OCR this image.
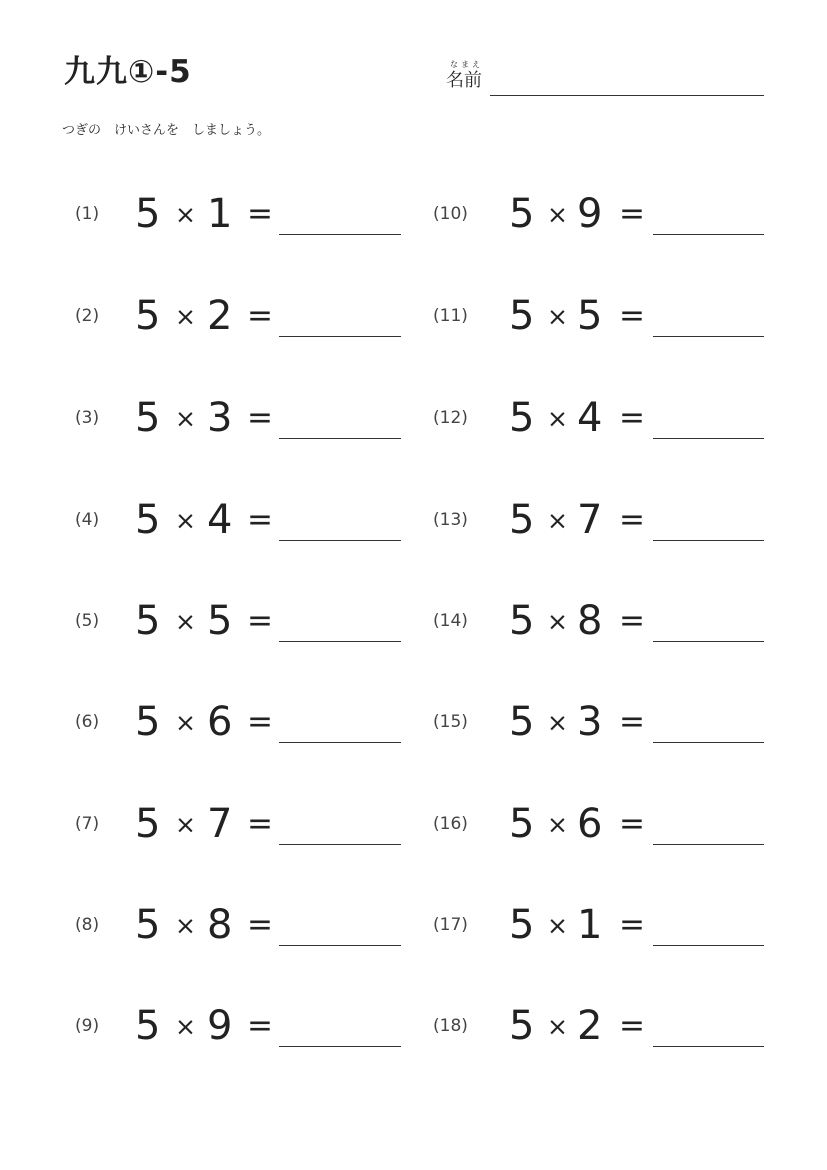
九九①-5	なまえ
名前
つぎの　けいさんを　しましょう。
(1) 5 × 1 =
(2) 5 × 2 =
(3) 5 × 3 =
(4) 5 × 4 =
(5) 5 × 5 =
(6) 5 × 6 =
(7) 5 × 7 =
(8) 5 × 8 =
(9) 5 × 9 =
(10) 5 × 9 =
(11) 5 × 5 =
(12) 5 × 4 =
(13) 5 × 7 =
(14) 5 × 8 =
(15) 5 × 3 =
(16) 5 × 6 =
(17) 5 × 1 =
(18) 5 × 2 =
